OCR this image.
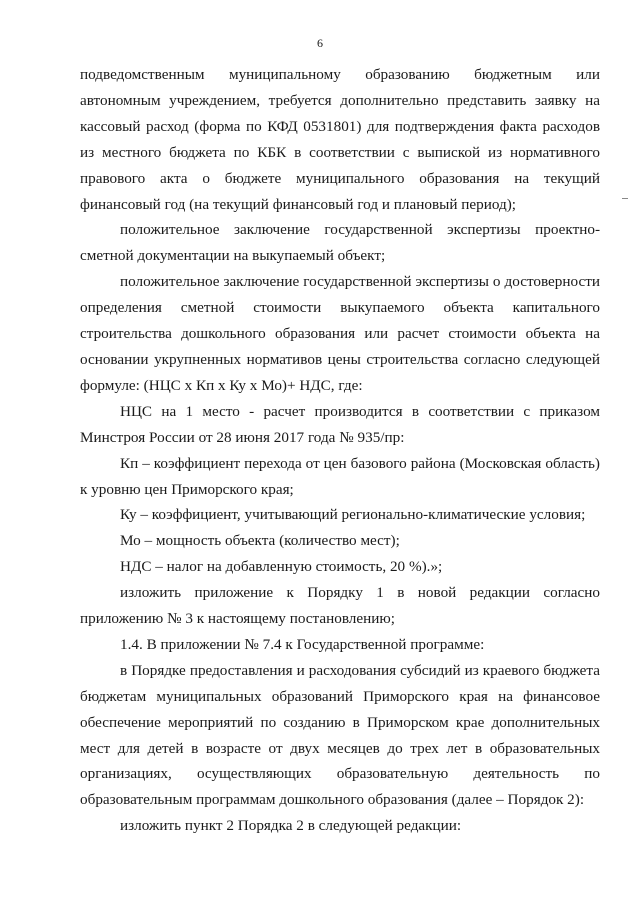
6

подведомственным муниципальному образованию бюджетным или автономным учреждением, требуется дополнительно представить заявку на кассовый расход (форма по КФД 0531801) для подтверждения факта расходов из местного бюджета по КБК в соответствии с выпиской из нормативного правового акта о бюджете муниципального образования на текущий финансовый год (на текущий финансовый год и плановый период);

положительное заключение государственной экспертизы проектно-сметной документации на выкупаемый объект;

положительное заключение государственной экспертизы о достоверности определения сметной стоимости выкупаемого объекта капитального строительства дошкольного образования или расчет стоимости объекта на основании укрупненных нормативов цены строительства согласно следующей формуле: (НЦС х Кп х Ку х Мо)+ НДС, где:

НЦС на 1 место - расчет производится в соответствии с приказом Минстроя России от 28 июня 2017 года № 935/пр:

Кп – коэффициент перехода от цен базового района (Московская область) к уровню цен Приморского края;

Ку – коэффициент, учитывающий регионально-климатические условия;

Мо – мощность объекта (количество мест);

НДС – налог на добавленную стоимость, 20 %).»;

изложить приложение к Порядку 1 в новой редакции согласно приложению № 3 к настоящему постановлению;

1.4. В приложении № 7.4 к Государственной программе:

в Порядке предоставления и расходования субсидий из краевого бюджета бюджетам муниципальных образований Приморского края на финансовое обеспечение мероприятий по созданию в Приморском крае дополнительных мест для детей в возрасте от двух месяцев до трех лет в образовательных организациях, осуществляющих образовательную деятельность по образовательным программам дошкольного образования (далее – Порядок 2):

изложить пункт 2 Порядка 2 в следующей редакции:
